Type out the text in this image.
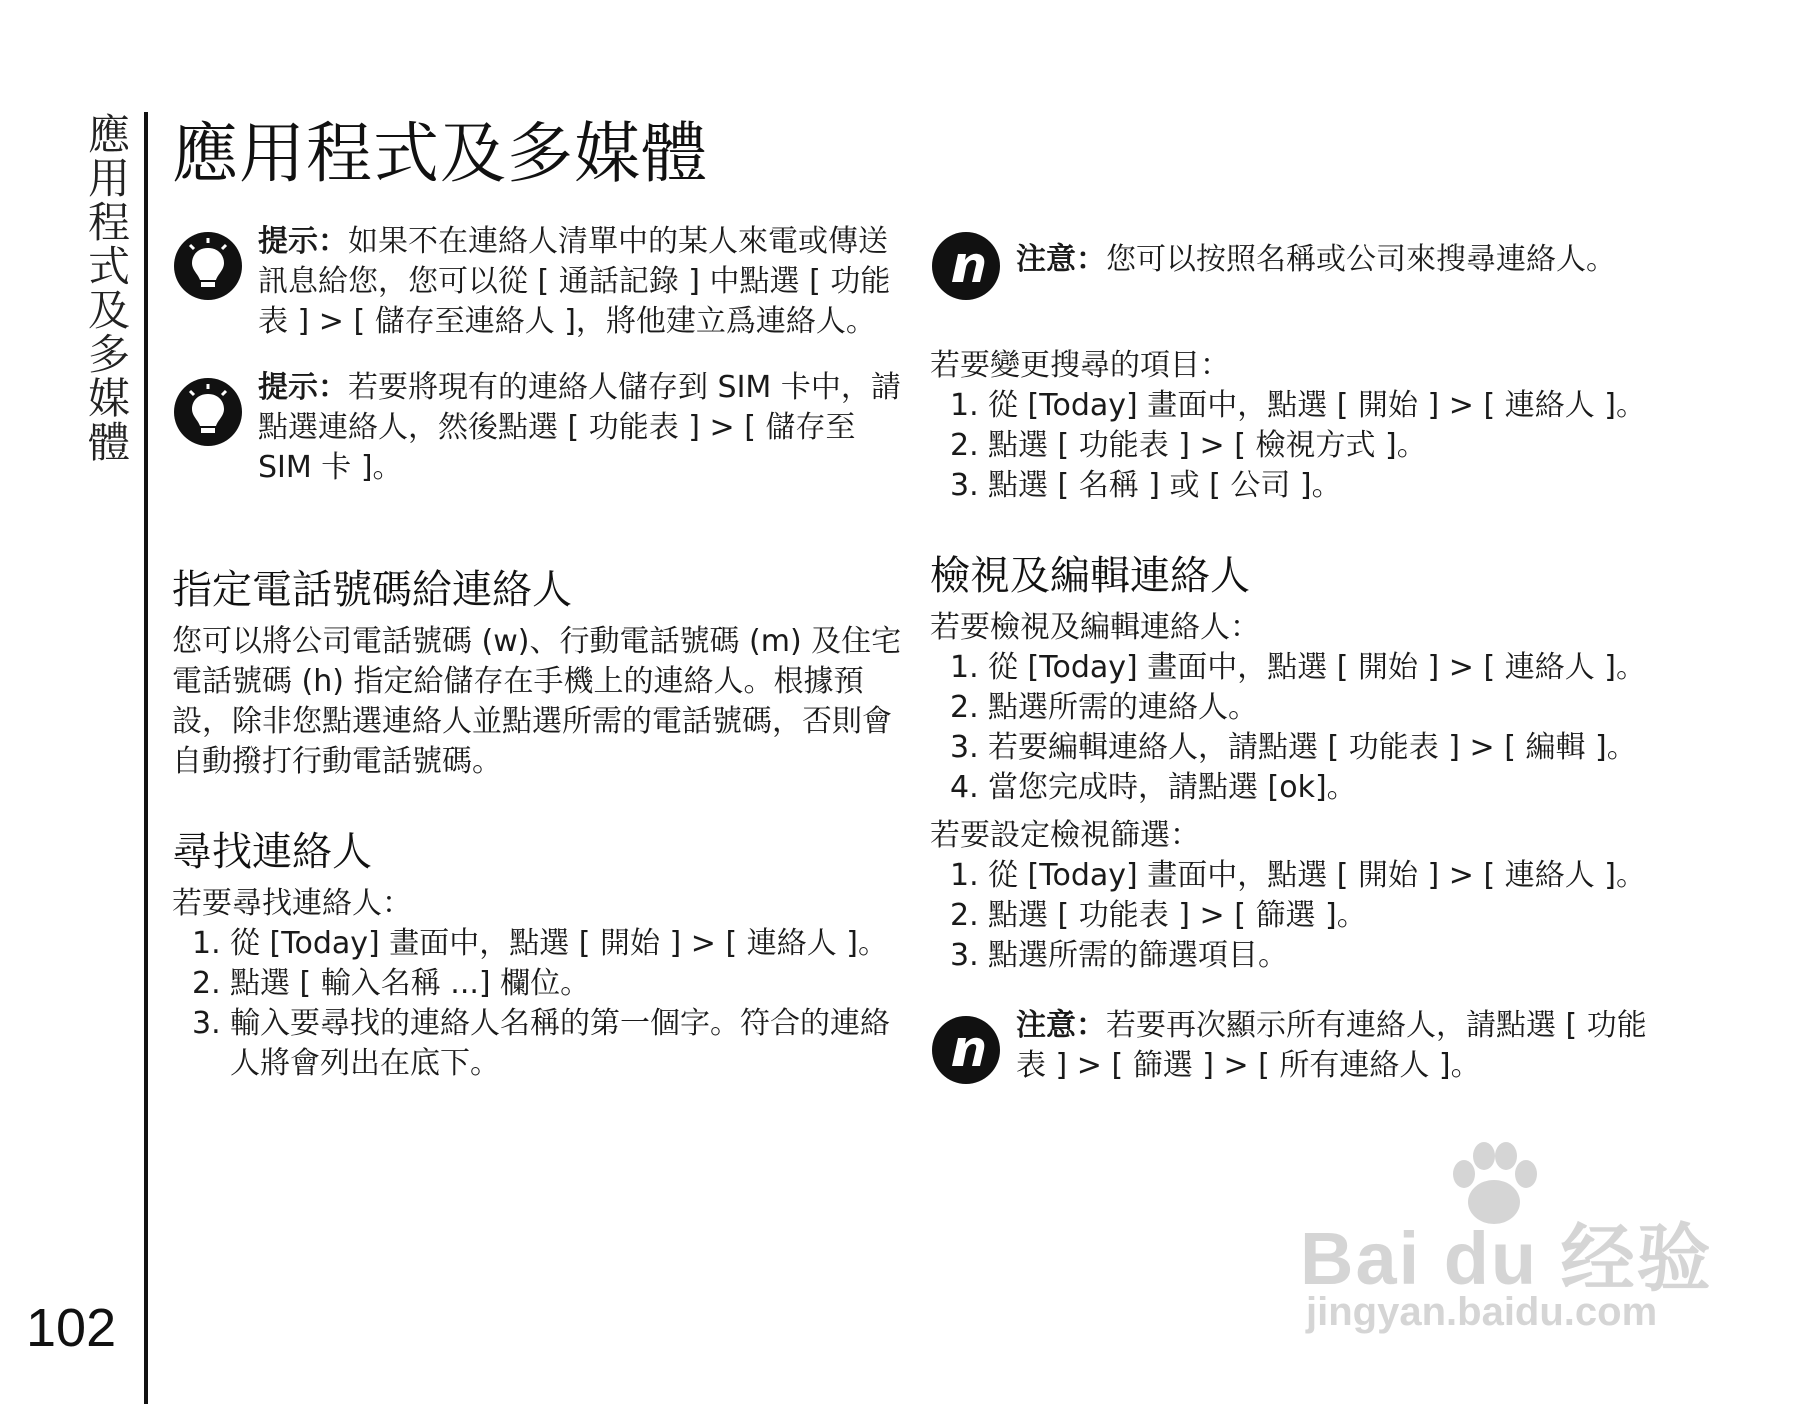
應用程式及多媒體
102
應用程式及多媒體
提示：如果不在連絡人清單中的某人來電或傳送訊息給您，您可以從 [ 通話記錄 ] 中點選 [ 功能表 ] > [ 儲存至連絡人 ]，將他建立爲連絡人。
提示：若要將現有的連絡人儲存到 SIM 卡中，請點選連絡人，然後點選 [ 功能表 ] > [ 儲存至 SIM 卡 ]。
指定電話號碼給連絡人

您可以將公司電話號碼 (w)、行動電話號碼 (m) 及住宅電話號碼 (h) 指定給儲存在手機上的連絡人。根據預設，除非您點選連絡人並點選所需的電話號碼，否則會自動撥打行動電話號碼。

尋找連絡人

若要尋找連絡人：

1. 從 [Today] 畫面中，點選 [ 開始 ] > [ 連絡人 ]。
2. 點選 [ 輸入名稱 ...] 欄位。
3. 輸入要尋找的連絡人名稱的第一個字。符合的連絡人將會列出在底下。
注意：您可以按照名稱或公司來搜尋連絡人。

若要變更搜尋的項目：

1. 從 [Today] 畫面中，點選 [ 開始 ] > [ 連絡人 ]。
2. 點選 [ 功能表 ] > [ 檢視方式 ]。
3. 點選 [ 名稱 ] 或 [ 公司 ]。
檢視及編輯連絡人

若要檢視及編輯連絡人：

1. 從 [Today] 畫面中，點選 [ 開始 ] > [ 連絡人 ]。
2. 點選所需的連絡人。
3. 若要編輯連絡人，請點選 [ 功能表 ] > [ 編輯 ]。
4. 當您完成時，請點選 [ok]。

若要設定檢視篩選：

1. 從 [Today] 畫面中，點選 [ 開始 ] > [ 連絡人 ]。
2. 點選 [ 功能表 ] > [ 篩選 ]。
3. 點選所需的篩選項目。
注意：若要再次顯示所有連絡人，請點選 [ 功能表 ] > [ 篩選 ] > [ 所有連絡人 ]。
Bai du 经验
jingyan.baidu.com
